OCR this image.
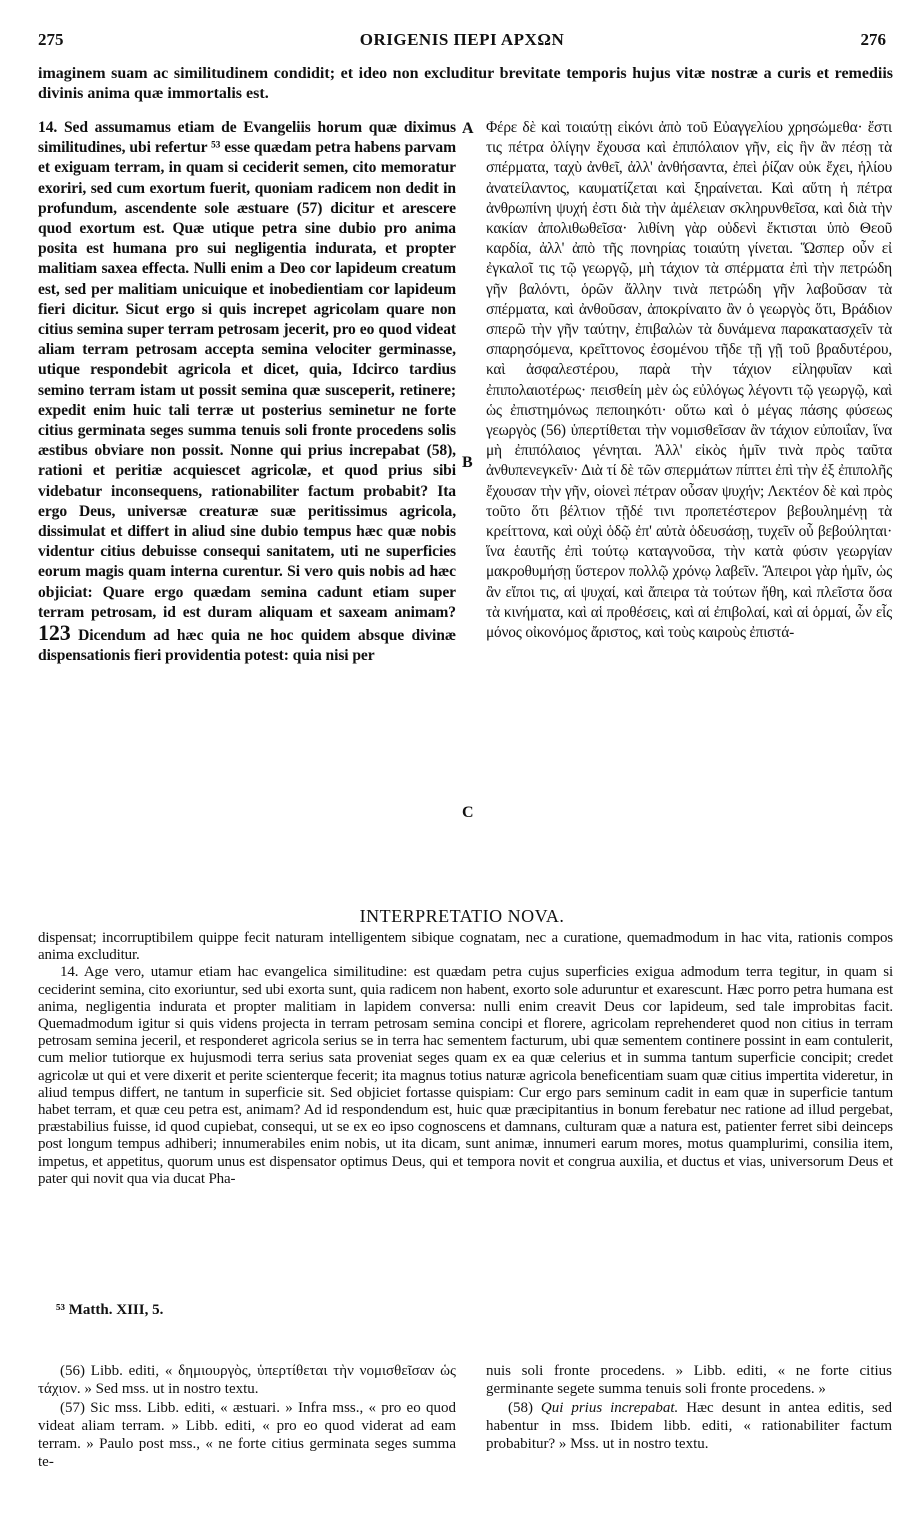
275	ORIGENIS ΠΕΡΙ ΑΡΧΩΝ	276
imaginem suam ac similitudinem condidit; et ideo non excluditur brevitate temporis hujus vitæ nostræ a curis et remediis divinis anima quæ immortalis est.

14. Sed assumamus etiam de Evangeliis horum quæ diximus similitudines, ubi refertur ⁵³ esse quædam petra habens parvam et exiguam terram, in quam si ceciderit semen, cito memoratur exoriri, sed cum exortum fuerit, quoniam radicem non dedit in profundum, ascendente sole æstuare (57) dicitur et arescere quod exortum est. Quæ utique petra sine dubio pro anima posita est humana pro sui negligentia indurata, et propter malitiam saxea effecta. Nulli enim a Deo cor lapideum creatum est, sed per malitiam unicuique et inobedientiam cor lapideum fieri dicitur. Sicut ergo si quis increpet agricolam quare non citius semina super terram petrosam jecerit, pro eo quod videat aliam terram petrosam accepta semina velociter germinasse, utique respondebit agricola et dicet, quia, Idcirco tardius semino terram istam ut possit semina quæ susceperit, retinere; expedit enim huic tali terræ ut posterius seminetur ne forte citius germinata seges summa tenuis soli fronte procedens solis æstibus obviare non possit. Nonne qui prius increpabat (58), rationi et peritiæ acquiescet agricolæ, et quod prius sibi videbatur inconsequens, rationabiliter factum probabit? Ita ergo Deus, universæ creaturæ suæ peritissimus agricola, dissimulat et differt in aliud sine dubio tempus hæc quæ nobis videntur citius debuisse consequi sanitatem, uti ne superficies eorum magis quam interna curentur. Si vero quis nobis ad hæc objiciat: Quare ergo quædam semina cadunt etiam super terram petrosam, id est duram aliquam et saxeam animam? 123 Dicendum ad hæc quia ne hoc quidem absque divinæ dispensationis fieri providentia potest: quia nisi per

A
B
C

Φέρε δὲ καὶ τοιαύτῃ εἰκόνι ἀπὸ τοῦ Εὐαγγελίου χρησώμεθα· ἔστι τις πέτρα ὀλίγην ἔχουσα καὶ ἐπιπόλαιον γῆν, εἰς ἣν ἂν πέσῃ τὰ σπέρματα, ταχὺ ἀνθεῖ, ἀλλ' ἀνθήσαντα, ἐπεὶ ῥίζαν οὐκ ἔχει, ἡλίου ἀνατείλαντος, καυματίζεται καὶ ξηραίνεται. Καὶ αὕτη ἡ πέτρα ἀνθρωπίνη ψυχή ἐστι διὰ τὴν ἀμέλειαν σκληρυνθεῖσα, καὶ διὰ τὴν κακίαν ἀπολιθωθεῖσα· λιθίνη γὰρ οὐδενὶ ἔκτισται ὑπὸ Θεοῦ καρδία, ἀλλ' ἀπὸ τῆς πονηρίας τοιαύτη γίνεται. Ὥσπερ οὖν εἰ ἐγκαλοῖ τις τῷ γεωργῷ, μὴ τάχιον τὰ σπέρματα ἐπὶ τὴν πετρώδη γῆν βαλόντι, ὁρῶν ἄλλην τινὰ πετρώδη γῆν λαβοῦσαν τὰ σπέρματα, καὶ ἀνθοῦσαν, ἀποκρίναιτο ἂν ὁ γεωργὸς ὅτι, Βράδιον σπερῶ τὴν γῆν ταύτην, ἐπιβαλὼν τὰ δυνάμενα παρακατασχεῖν τὰ σπαρησόμενα, κρεῖττονος ἐσομένου τῆδε τῇ γῇ τοῦ βραδυτέρου, καὶ ἀσφαλεστέρου, παρὰ τὴν τάχιον εἰληφυῖαν καὶ ἐπιπολαιοτέρως· πεισθείη μὲν ὡς εὐλόγως λέγοντι τῷ γεωργῷ, καὶ ὡς ἐπιστημόνως πεποιηκότι· οὕτω καὶ ὁ μέγας πάσης φύσεως γεωργὸς (56) ὑπερτίθεται τὴν νομισθεῖσαν ἂν τάχιον εὐποιΐαν, ἵνα μὴ ἐπιπόλαιος γένηται. Ἀλλ' εἰκὸς ἡμῖν τινὰ πρὸς ταῦτα ἀνθυπενεγκεῖν· Διὰ τί δὲ τῶν σπερμάτων πίπτει ἐπὶ τὴν ἐξ ἐπιπολῆς ἔχουσαν τὴν γῆν, οἱονεὶ πέτραν οὖσαν ψυχήν; Λεκτέον δὲ καὶ πρὸς τοῦτο ὅτι βέλτιον τῇδέ τινι προπετέστερον βεβουλημένῃ τὰ κρείττονα, καὶ οὐχὶ ὁδῷ ἐπ' αὐτὰ ὁδευσάσῃ, τυχεῖν οὗ βεβούληται· ἵνα ἑαυτῆς ἐπὶ τούτῳ καταγνοῦσα, τὴν κατὰ φύσιν γεωργίαν μακροθυμήσῃ ὕστερον πολλῷ χρόνῳ λαβεῖν. Ἄπειροι γὰρ ἡμῖν, ὡς ἂν εἴποι τις, αἱ ψυχαί, καὶ ἄπειρα τὰ τούτων ἤθη, καὶ πλεῖστα ὅσα τὰ κινήματα, καὶ αἱ προθέσεις, καὶ αἱ ἐπιβολαί, καὶ αἱ ὁρμαί, ὧν εἷς μόνος οἰκονόμος ἄριστος, καὶ τοὺς καιροὺς ἐπιστά-

INTERPRETATIO NOVA.

dispensat; incorruptibilem quippe fecit naturam intelligentem sibique cognatam, nec a curatione, quemadmodum in hac vita, rationis compos anima excluditur.

14. Age vero, utamur etiam hac evangelica similitudine: est quædam petra cujus superficies exigua admodum terra tegitur, in quam si ceciderint semina, cito exoriuntur, sed ubi exorta sunt, quia radicem non habent, exorto sole aduruntur et exarescunt. Hæc porro petra humana est anima, negligentia indurata et propter malitiam in lapidem conversa: nulli enim creavit Deus cor lapideum, sed tale improbitas facit. Quemadmodum igitur si quis videns projecta in terram petrosam semina concipi et florere, agricolam reprehenderet quod non citius in terram petrosam semina jeceril, et responderet agricola serius se in terra hac sementem facturum, ubi quæ sementem continere possint in eam contulerit, cum melior tutiorque ex hujusmodi terra serius sata proveniat seges quam ex ea quæ celerius et in summa tantum superficie concipit; credet agricolæ ut qui et vere dixerit et perite scienterque fecerit; ita magnus totius naturæ agricola beneficentiam suam quæ citius impertita videretur, in aliud tempus differt, ne tantum in superficie sit. Sed objiciet fortasse quispiam: Cur ergo pars seminum cadit in eam quæ in superficie tantum habet terram, et quæ ceu petra est, animam? Ad id respondendum est, huic quæ præcipitantius in bonum ferebatur nec ratione ad illud pergebat, præstabilius fuisse, id quod cupiebat, consequi, ut se ex eo ipso cognoscens et damnans, culturam quæ a natura est, patienter ferret sibi deinceps post longum tempus adhiberi; innumerabiles enim nobis, ut ita dicam, sunt animæ, innumeri earum mores, motus quamplurimi, consilia item, impetus, et appetitus, quorum unus est dispensator optimus Deus, qui et tempora novit et congrua auxilia, et ductus et vias, universorum Deus et pater qui novit qua via ducat Pha-

⁵³ Matth. XIII, 5.

(56) Libb. editi, « δημιουργὸς, ὑπερτίθεται τὴν νομισθεῖσαν ὡς τάχιον. » Sed mss. ut in nostro textu.

(57) Sic mss. Libb. editi, « æstuari. » Infra mss., « pro eo quod videat aliam terram. » Libb. editi, « pro eo quod viderat ad eam terram. » Paulo post mss., « ne forte citius germinata seges summa te-

nuis soli fronte procedens. » Libb. editi, « ne forte citius germinante segete summa tenuis soli fronte procedens. »

(58) Qui prius increpabat. Hæc desunt in antea editis, sed habentur in mss. Ibidem libb. editi, « rationabiliter factum probabitur? » Mss. ut in nostro textu.
